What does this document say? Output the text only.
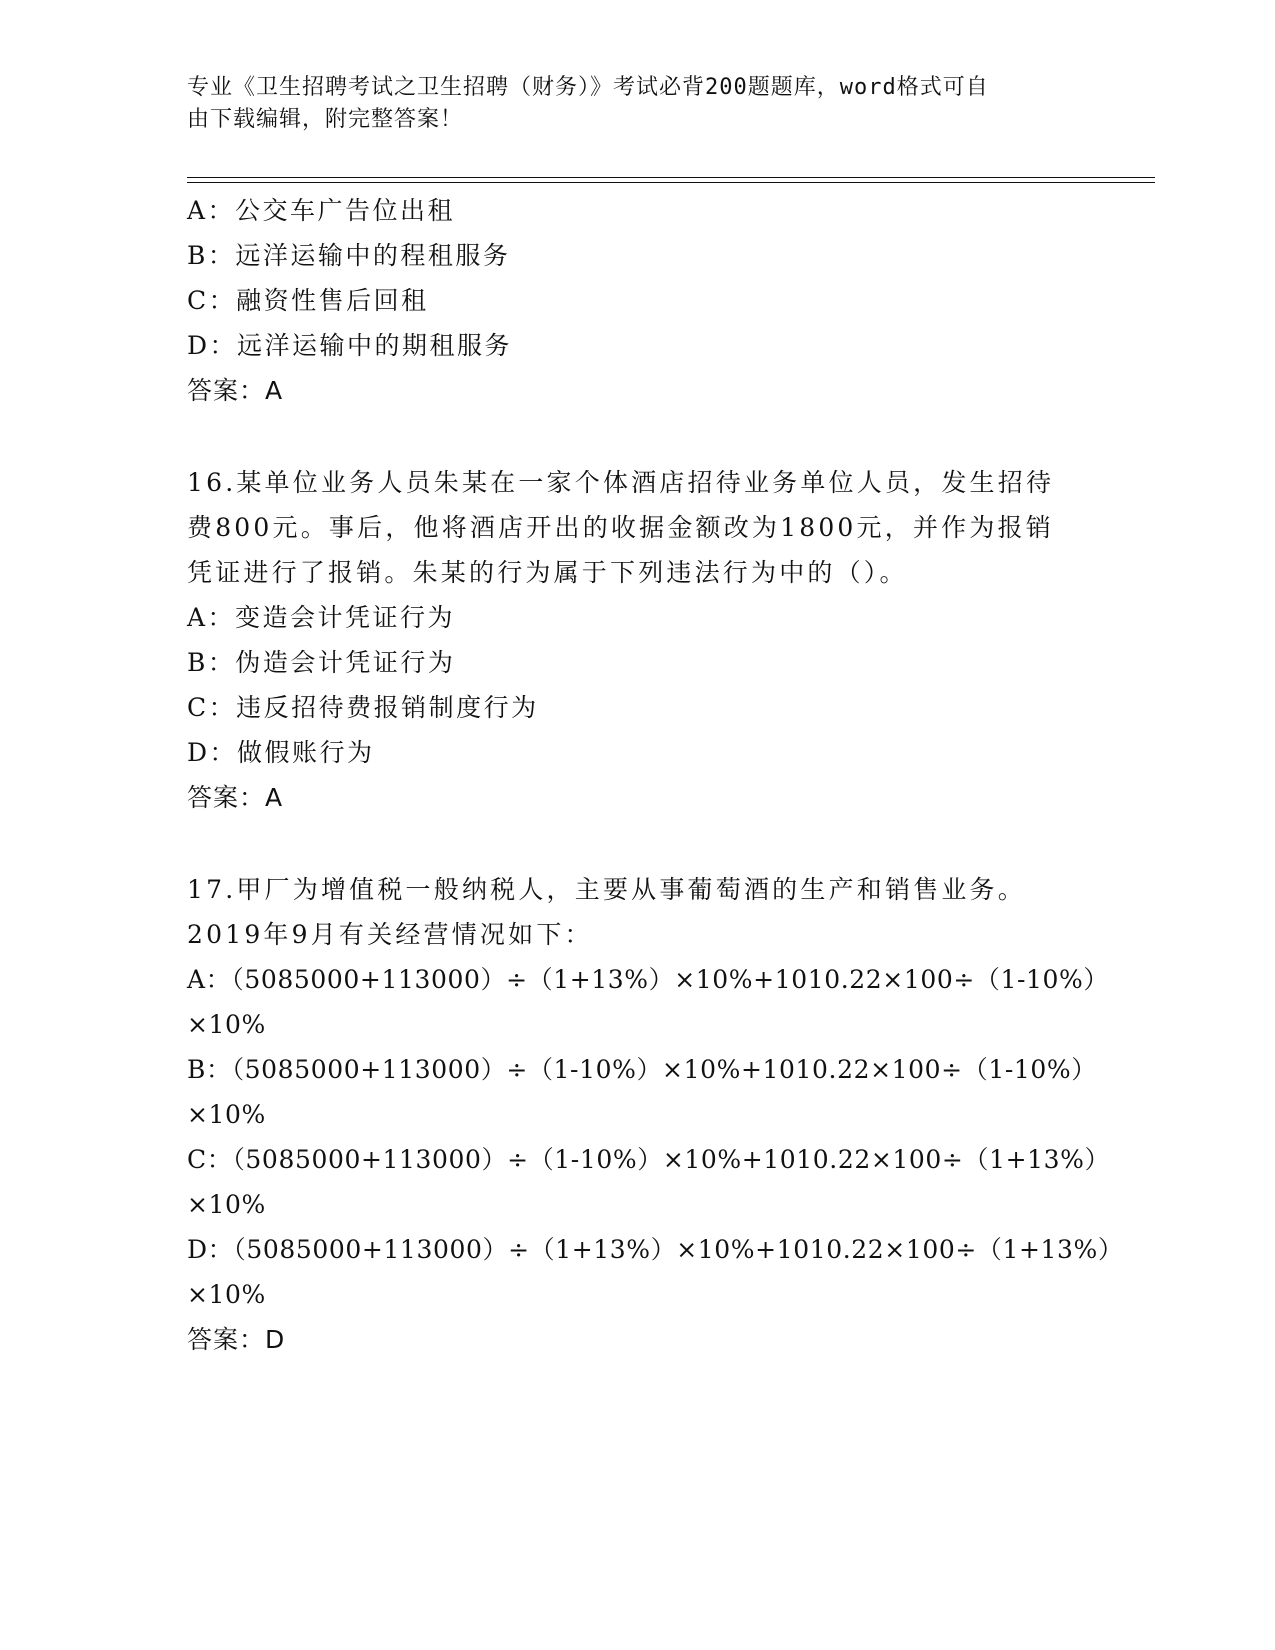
专业《卫生招聘考试之卫生招聘（财务）》考试必背200题题库，word格式可自
由下载编辑，附完整答案！
A：公交车广告位出租
B：远洋运输中的程租服务
C：融资性售后回租
D：远洋运输中的期租服务
答案：A
16.某单位业务人员朱某在一家个体酒店招待业务单位人员，发生招待
费800元。事后，他将酒店开出的收据金额改为1800元，并作为报销
凭证进行了报销。朱某的行为属于下列违法行为中的（）。
A：变造会计凭证行为
B：伪造会计凭证行为
C：违反招待费报销制度行为
D：做假账行为
答案：A
17.甲厂为增值税一般纳税人，主要从事葡萄酒的生产和销售业务。
2019年9月有关经营情况如下：
A：（5085000+113000）÷（1+13%）×10%+1010.22×100÷（1-10%）
×10%
B：（5085000+113000）÷（1-10%）×10%+1010.22×100÷（1-10%）
×10%
C：（5085000+113000）÷（1-10%）×10%+1010.22×100÷（1+13%）
×10%
D：（5085000+113000）÷（1+13%）×10%+1010.22×100÷（1+13%）
×10%
答案：D
